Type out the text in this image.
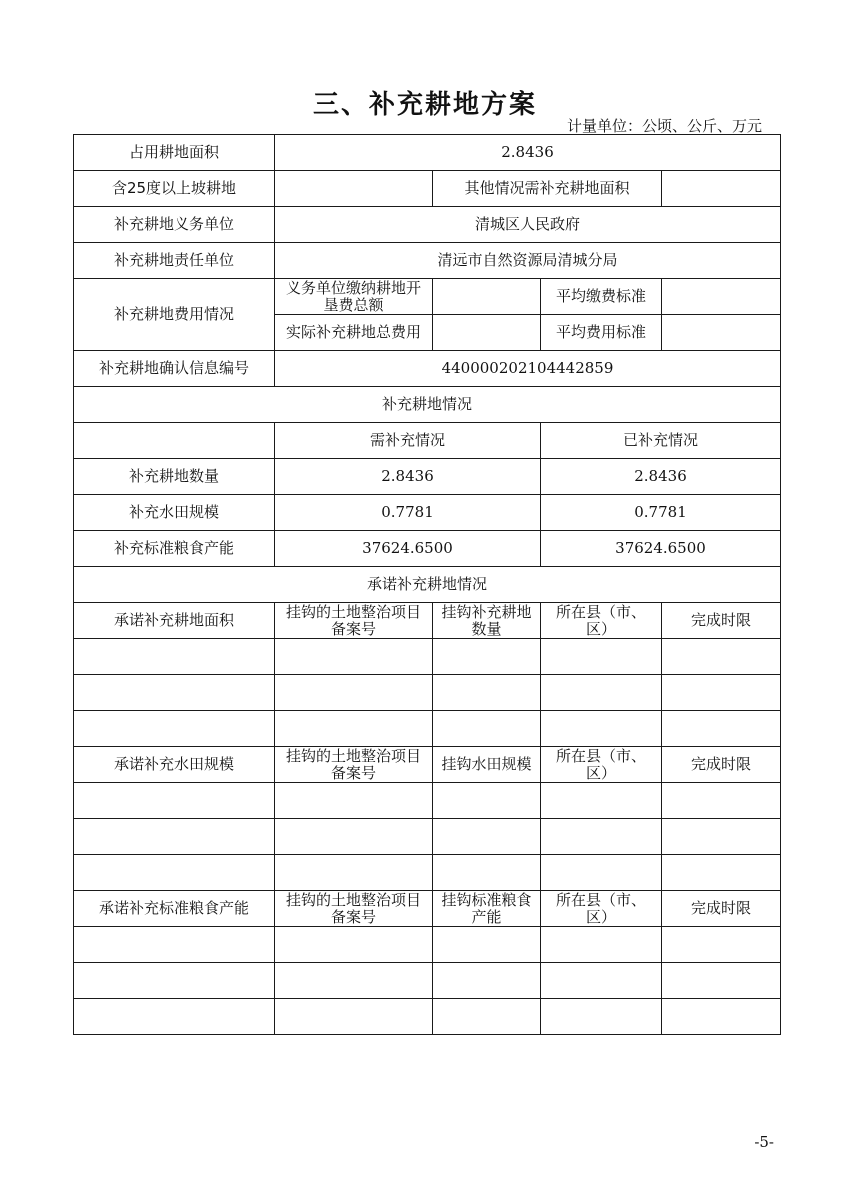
三、补充耕地方案
计量单位：公顷、公斤、万元
占用耕地面积	2.8436			
含25度以上坡耕地		其他情况需补充耕地面积		
补充耕地义务单位	清城区人民政府			
补充耕地责任单位	清远市自然资源局清城分局			
补充耕地费用情况	义务单位缴纳耕地开垦费总额		平均缴费标准	
	实际补充耕地总费用		平均费用标准	
补充耕地确认信息编号	440000202104442859			
补充耕地情况				
	需补充情况		已补充情况	
补充耕地数量	2.8436		2.8436	
补充水田规模	0.7781		0.7781	
补充标准粮食产能	37624.6500		37624.6500	
承诺补充耕地情况				
承诺补充耕地面积	挂钩的土地整治项目备案号	挂钩补充耕地数量	所在县（市、区）	完成时限

承诺补充水田规模	挂钩的土地整治项目备案号	挂钩水田规模	所在县（市、区）	完成时限

承诺补充标准粮食产能	挂钩的土地整治项目备案号	挂钩标准粮食产能	所在县（市、区）	完成时限

-5-
